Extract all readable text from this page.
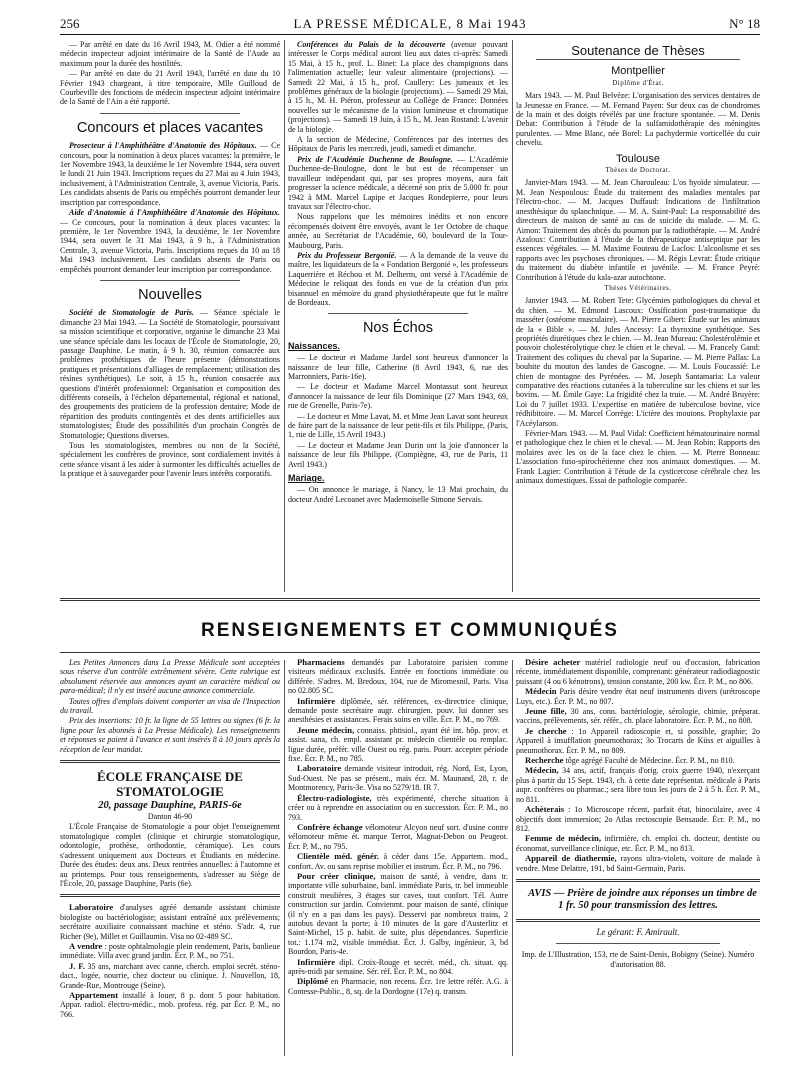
256	LA PRESSE MÉDICALE, 8 Mai 1943	N° 18

— Par arrêté en date du 16 Avril 1943, M. Odier a été nommé médecin inspecteur adjoint intérimaire de la Santé de l'Aude au maximum pour la durée des hostilités.

— Par arrêté en date du 21 Avril 1943, l'arrêté en date du 10 Février 1943 chargeant, à titre temporaire, Mlle Guilloud de Courbeville des fonctions de médecin inspecteur adjoint intérimaire de la Santé de l'Ain a été rapporté.

Concours et places vacantes

Prosecteur à l'Amphithéâtre d'Anatomie des Hôpitaux. — Ce concours, pour la nomination à deux places vacantes: la première, le 1er Novembre 1943, la deuxième le 1er Novembre 1944, sera ouvert le lundi 21 Juin 1943. Inscriptions reçues du 27 Mai au 4 Juin 1943, inclusivement, à l'Administration Centrale, 3, avenue Victoria, Paris. Les candidats absents de Paris ou empêchés pourront demander leur inscription par correspondance.

Aide d'Anatomie à l'Amphithéâtre d'Anatomie des Hôpitaux. — Ce concours, pour la nomination à deux places vacantes: la première, le 1er Novembre 1943, la deuxième, le 1er Novembre 1944, sera ouvert le 31 Mai 1943, à 9 h., à l'Administration Centrale, 3, avenue Victoria, Paris. Inscriptions reçues du 10 au 18 Mai 1943 inclusivement. Les candidats absents de Paris ou empêchés pourront demander leur inscription par correspondance.

Nouvelles

Société de Stomatologie de Paris. — Séance spéciale le dimanche 23 Mai 1943. — La Société de Stomatologie, poursuivant sa mission scientifique et corporative, organise le dimanche 23 Mai une séance spéciale dans les locaux de l'École de Stomatologie, 20, passage Dauphine. Le matin, à 9 h. 30, réunion consacrée aux problèmes prothétiques de l'heure présente (démonstrations pratiques et présentations d'alliages de remplacement; utilisation des résines synthétiques). Le soir, à 15 h., réunion consacrée aux questions d'intérêt professionnel: Organisation et composition des différents conseils, à l'échelon départemental, régional et national, des groupements des praticiens de la profession dentaire; Mode de répartition des produits contingentés et des dents artificielles aux stomatologistes; Étude des possibilités d'un prochain Congrès de Stomatologie; Questions diverses.

Tous les stomatologistes, membres ou non de la Société, spécialement les confrères de province, sont cordialement invités à cette séance visant à les aider à surmonter les difficultés actuelles de la pratique et à sauvegarder pour l'avenir leurs intérêts corporatifs.

Conférences du Palais de la découverte (avenue pouvant intéresser le Corps médical auront lieu aux dates ci-après: Samedi 15 Mai, à 15 h., prof. L. Binet: La place des champignons dans l'alimentation actuelle; leur valeur alimentaire (projections). — Samedi 22 Mai, à 15 h., prof. Caullery: Les jumeaux et les problèmes généraux de la biologie (projections). — Samedi 29 Mai, à 15 h., M. H. Piéron, professeur au Collège de France: Données nouvelles sur le mécanisme de la vision lumineuse et chromatique (projections). — Samedi 19 Juin, à 15 h., M. Jean Rostand: L'avenir de la biologie.

A la section de Médecine, Conférences par des internes des Hôpitaux de Paris les mercredi, jeudi, samedi et dimanche.

Prix de l'Académie Duchenne de Boulogne. — L'Académie Duchenne-de-Boulogne, dont le but est de récompenser un travailleur indépendant qui, par ses propres moyens, aura fait progresser la science médicale, a décerné son prix de 5.000 fr. pour 1942 à MM. Marcel Lapipe et Jacques Rondepierre, pour leurs travaux sur l'électro-choc.

Nous rappelons que les mémoires inédits et non encore récompensés doivent être envoyés, avant le 1er Octobre de chaque année, au Secrétariat de l'Académie, 60, boulevard de la Tour-Maubourg, Paris.

Prix du Professeur Bergonié. — A la demande de la veuve du maître, les liquidateurs de la « Fondation Bergonié », les professeurs Laquerrière et Réchou et M. Delherm, ont versé à l'Académie de Médecine le reliquat des fonds en vue de la création d'un prix bisannuel en mémoire du grand physiothérapeute que fut le maître de Bordeaux.

Nos Échos
Naissances.

— Le docteur et Madame Jardel sont heureux d'annoncer la naissance de leur fille, Catherine (8 Avril 1943, 6, rue des Marronniers, Paris-16e).

— Le docteur et Madame Marcel Montassut sont heureux d'annoncer la naissance de leur fils Dominique (27 Mars 1943, 69, rue de Grenelle, Paris-7e).

— Le docteur et Mme Lavat, M. et Mme Jean Lavat sont heureux de faire part de la naissance de leur petit-fils et fils Philippe, (Paris, 1, rue de Lille, 15 Avril 1943.)

— Le docteur et Madame Jean Durin ont la joie d'annoncer la naissance de leur fils Philippe. (Compiègne, 43, rue de Paris, 11 Avril 1943.)

Mariage.

— On annonce le mariage, à Nancy, le 13 Mai prochain, du docteur André Lecoanet avec Mademoiselle Simone Servais.

Soutenance de Thèses
Montpellier
Diplôme d'État.

Mars 1943. — M. Paul Belvèze: L'organisation des services dentaires de la Jeunesse en France. — M. Fernand Payen: Sur deux cas de chondromes de la main et des doigts révélés par une fracture spontanée. — M. Denis Debat: Contribution à l'étude de la sulfamidothérapie des méningites purulentes. — Mme Blanc, née Borel: La pachydermie vorticellée du cuir chevelu.

Toulouse
Thèses de Doctorat.

Janvier-Mars 1943. — M. Jean Charouleau: L'os hyoïde simulateur. — M. Jean Nespoulous: Étude du traitement des maladies mentales par l'électro-choc. — M. Jacques Duffaud: Indications de l'infiltration anesthésique du splanchnique. — M. A. Saint-Paul: La responsabilité des directeurs de maison de santé au cas de suicide du malade. — M. G. Aimon: Traitement des abcès du poumon par la radiothérapie. — M. André Azaloux: Contribution à l'étude de la thérapeutique antiseptique par les essences végétales. — M. Maxime Fouteau de Laclos: L'alcoolisme et ses rapports avec les psychoses chroniques. — M. Régis Levrat: Étude critique du traitement du diabète infantile et juvénile. — M. France Peyré: Contribution à l'étude du kala-azar autochtone.

Thèses Vétérinaires.

Janvier 1943. — M. Robert Tete: Glycémies pathologiques du cheval et du chien. — M. Edmond Lascoux: Ossification post-traumatique du masséter (ostéome musculaire). — M. Pierre Gibert: Étude sur les animaux de la « Bible ». — M. Jules Ancessy: La thyroxine synthétique. Ses propriétés diurétiques chez le chien. — M. Jean Mureau: Cholestérolémie et pouvoir cholestérolytique chez le chien et le cheval. — M. Francely Gand: Traitement des coliques du cheval par la Suparine. — M. Pierre Pallas: La bouhite du mouton des landes de Gascogne. — M. Louis Foucassié: Le chien de montagne des Pyrénées. — M. Joseph Santamaria: La valeur comparative des réactions cutanées à la tuberculine sur les chiens et sur les bovins. — M. Émile Gaye: La frigidité chez la truie. — M. André Bruyère: Loi du 7 juillet 1933. L'expertise en matière de tuberculose bovine, vice rédhibitoire. — M. Marcel Corrège: L'ictère des moutons. Prophylaxie par l'Acéylarson.

Février-Mars 1943. — M. Paul Vidal: Coefficient hématourinaire normal et pathologique chez le chien et le cheval. — M. Jean Robin: Rapports des molaires avec les os de la face chez le chien. — M. Pierre Bonneau: L'association fuso-spirochétienne chez nos animaux domestiques. — M. Frank Lagier: Contribution à l'étude de la cysticercose cérébrale chez les animaux domestiques. Essai de pathologie comparée.

RENSEIGNEMENTS ET COMMUNIQUÉS

Les Petites Annonces dans La Presse Médicale sont acceptées sous réserve d'un contrôle extrêmement sévère. Cette rubrique est absolument réservée aux annonces ayant un caractère médical ou para-médical; il n'y est inséré aucune annonce commerciale.

Toutes offres d'emplois doivent comporter un visa de l'Inspection du travail.

Prix des insertions: 10 fr. la ligne de 55 lettres ou signes (6 fr. la ligne pour les abonnés à La Presse Médicale). Les renseignements et réponses se paient à l'avance et sont insérés 8 à 10 jours après la réception de leur mandat.

ÉCOLE FRANÇAISE DE STOMATOLOGIE
20, passage Dauphine, PARIS-6e

Danton 46-90

L'École Française de Stomatologie a pour objet l'enseignement stomatologique complet (clinique et chirurgie stomatologique, odontologie, prothèse, orthodontie, céramique). Les cours s'adressent uniquement aux Docteurs et Étudiants en médecine. Durée des études: deux ans. Deux rentrées annuelles: à l'automne et au printemps. Pour tous renseignements, s'adresser au Siège de l'École, 20, passage Dauphine, Paris (6e).

Laboratoire d'analyses agréé demande assistant chimiste biologiste ou bactériologiste; assistant entraîné aux prélèvements; secrétaire auxiliaire connaissant machine et sténo. S'adr. 4, rue Richer (9e), Millet et Guillaumin. Visa no 02-489 SC.

A vendre : poste ophtalmologie plein rendement, Paris, banlieue immédiate. Villa avec grand jardin. Écr. P. M., no 751.

J. F. 35 ans, marchant avec canne, cherch. emploi secrét. sténo-dact., logée, nourrie, chez docteur ou clinique. J. Nouvellon, 18, Grande-Rue, Montrouge (Seine).

Appartement installé à louer, 8 p. dont 5 pour habitation. Appar. radiol. électro-médic., mob. profess. rég. par Écr. P. M., no 766.

Pharmaciens demandés par Laboratoire parisien comme visiteurs médicaux exclusifs. Entrée en fonctions immédiate ou différée. S'adres. M. Bredoux, 104, rue de Miromesnil, Paris. Visa no 02.805 SC.

Infirmière diplômée, sér. références, ex-directrice clinique, demande poste secrétaire augr. chirurgien. pouv. lui donner ses anesthésies et assistances. Ferais soins en ville. Écr. P. M., no 769.

Jeune médecin, connaiss. phtisiol., ayant été int. hôp. prov. et assist. sana, ch. empl. assistant pr. médecin clientèle ou remplac. ligue durée, préfér. ville Ouest ou rég. paris. Pourr. accepter période fixe. Écr. P. M., no 785.

Laboratoire demande visiteur introduit, rég. Nord, Est, Lyon, Sud-Ouest. Ne pas se présent., mais écr. M. Maunand, 28, r. de Montmorency, Paris-3e. Visa no 5279/18. IR 7.

Électro-radiologiste, très expérimenté, cherche situation à créer ou à reprendre en association ou en succession. Écr. P. M., no 793.

Confrère échange vélomoteur Alcyon neuf sort. d'usine contre vélomoteur même ét. marque Terrot, Magnat-Debon ou Peugeot. Écr. P. M., no 795.

Clientèle méd. génér. à céder dans 15e. Appartem. mod., confort. Av. ou sans reprise mobilier et instrum. Écr. P. M., no 796.

Pour créer clinique, maison de santé, à vendre, dans tr. importante ville suburbaine, banl. immédiate Paris, tr. bel immeuble construit meulières, 3 étages sur caves, tout confort. Tél. Autre construction sur jardin. Convienmt. pour maison de santé, clinique (il n'y en a pas dans les pays). Desservi par nombreux trains, 2 autobus devant la porte; à 10 minutes de la gare d'Austerlitz et Saint-Michel, 15 p. habit. de suite, plus dépendances. Superficie tot.: 1.174 m2, visible immédiat. Écr. J. Galby, ingénieur, 3, bd Bourdon, Paris-4e.

Infirmière dipl. Croix-Rouge et secrét. méd., ch. situat. qq. après-midi par semaine. Sér. réf. Écr. P. M., no 804.

Diplômé en Pharmacie, non recens. Écr. 1re lettre référ. A.G. à Contesse-Public., 8, sq. de la Dordogne (17e) q. transm.

Désire acheter matériel radiologie neuf ou d'occasion, fabrication récente, immédiatement disponible, comprenant: générateur radiodiagnostic puissant (4 ou 6 kénotrons), tension constante, 200 kw. Écr. P. M., no 806.

Médecin Paris désire vendre état neuf instruments divers (urétroscope Luys, etc.). Écr. P. M., no 807.

Jeune fille, 30 ans, conn. bactériologie, sérologie, chimie, préparat. vaccins, prélèvements, sér. référ., ch. place laboratoire. Écr. P. M., no 808.

Je cherche : 1o Appareil radioscopie et, si possible, graphie; 2o Appareil à insufflation pneumothorax; 3o Trocarts de Küss et aiguilles à pneumothorax. Écr. P. M., no 809.

Recherche tôge agrégé Faculté de Médecine. Écr. P. M., no 810.

Médecin, 34 ans, actif, français d'orig. croix guerre 1940, n'exerçant plus à partir du 15 Sept. 1943, ch. à cette date représentat. médicale à Paris aupr. confrères ou pharmac.; sera libre tous les jours de 2 à 5 h. Écr. P. M., no 811.

Achèterais : 1o Microscope récent, parfait état, binoculaire, avec 4 objectifs dont immersion; 2o Atlas rectoscopie Bensaude. Écr. P. M., no 812.

Femme de médecin, infirmière, ch. emploi ch. docteur, dentiste ou économat, surveillance clinique, etc. Écr. P. M., no 813.

Appareil de diathermie, rayons ultra-violets, voiture de malade à vendre. Mme Delattre, 191, bd Saint-Germain, Paris.

AVIS — Prière de joindre aux réponses un timbre de 1 fr. 50 pour transmission des lettres.

Le gérant: F. Amirault.

Imp. de L'Illustration, 153, rte de Saint-Denis, Bobigny (Seine). Numéro d'autorisation 88.
